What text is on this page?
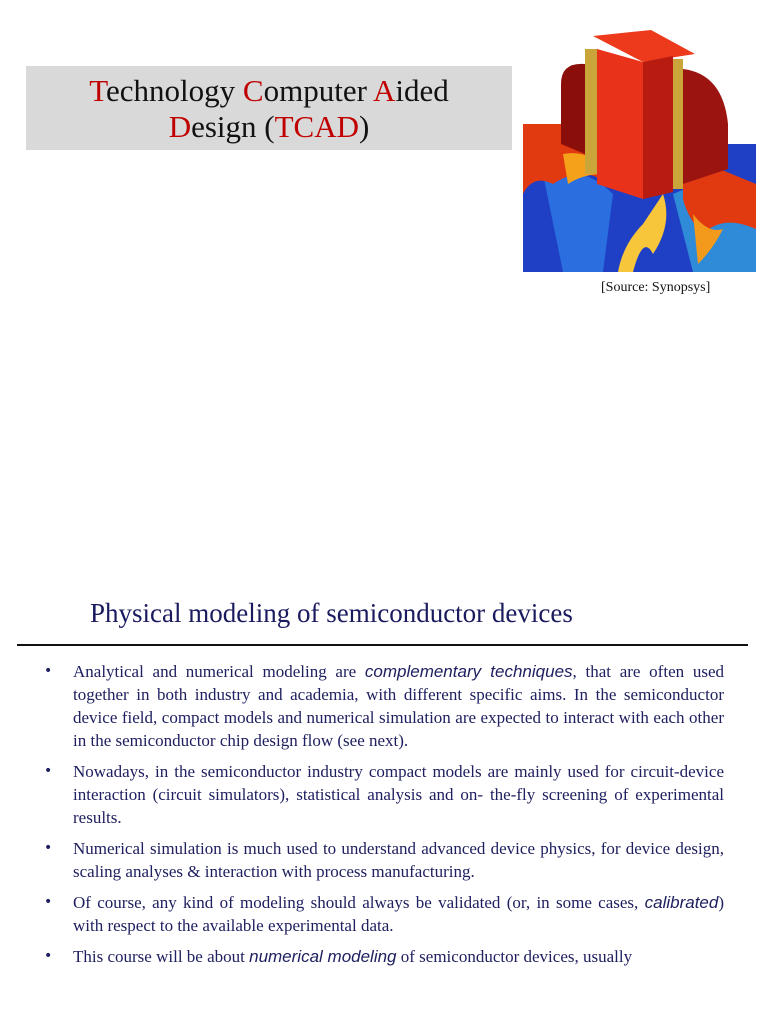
Technology Computer Aided
Design (TCAD)
[Source: Synopsys]
Physical modeling of semiconductor devices
• Analytical and numerical modeling are complementary techniques, that are often used together in both industry and academia, with different specific aims. In the semiconductor device field, compact models and numerical simulation are expected to interact with each other in the semiconductor chip design flow (see next).
• Nowadays, in the semiconductor industry compact models are mainly used for circuit-device interaction (circuit simulators), statistical analysis and on- the-fly screening of experimental results.
• Numerical simulation is much used to understand advanced device physics, for device design, scaling analyses & interaction with process manufacturing.
• Of course, any kind of modeling should always be validated (or, in some cases, calibrated) with respect to the available experimental data.
• This course will be about numerical modeling of semiconductor devices, usually
